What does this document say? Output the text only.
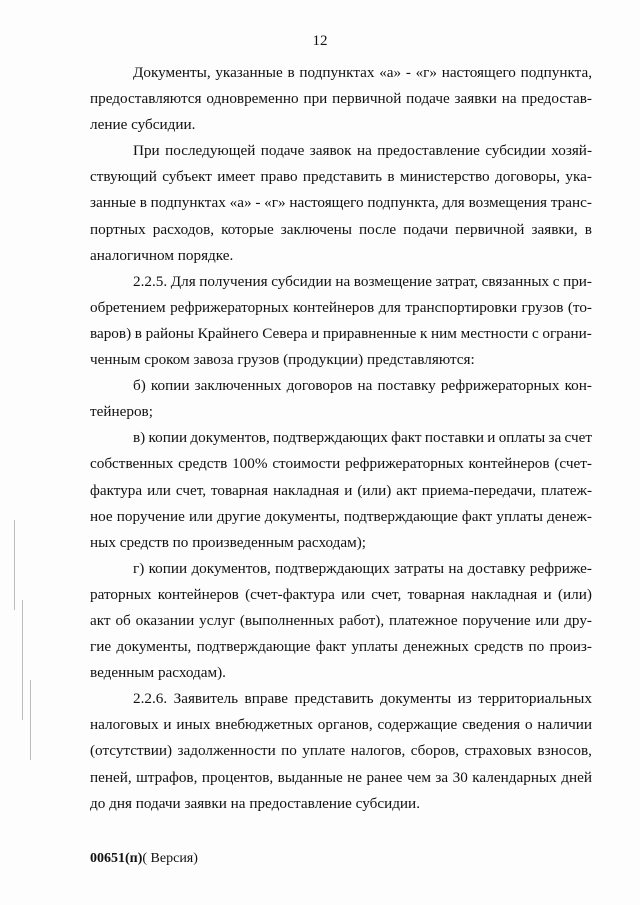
12
Документы, указанные в подпунктах «а» - «г» настоящего подпункта,
предоставляются одновременно при первичной подаче заявки на предостав-
ление субсидии.
При последующей подаче заявок на предоставление субсидии хозяй-
ствующий субъект имеет право представить в министерство договоры, ука-
занные в подпунктах «а» - «г» настоящего подпункта, для возмещения транс-
портных расходов, которые заключены после подачи первичной заявки, в
аналогичном порядке.
2.2.5. Для получения субсидии на возмещение затрат, связанных с при-
обретением рефрижераторных контейнеров для транспортировки грузов (то-
варов) в районы Крайнего Севера и приравненные к ним местности с ограни-
ченным сроком завоза грузов (продукции) представляются:
б) копии заключенных договоров на поставку рефрижераторных кон-
тейнеров;
в) копии документов, подтверждающих факт поставки и оплаты за счет
собственных средств 100% стоимости рефрижераторных контейнеров (счет-
фактура или счет, товарная накладная и (или) акт приема-передачи, платеж-
ное поручение или другие документы, подтверждающие факт уплаты денеж-
ных средств по произведенным расходам);
г) копии документов, подтверждающих затраты на доставку рефриже-
раторных контейнеров (счет-фактура или счет, товарная накладная и (или)
акт об оказании услуг (выполненных работ), платежное поручение или дру-
гие документы, подтверждающие факт уплаты денежных средств по произ-
веденным расходам).
2.2.6. Заявитель вправе представить документы из территориальных
налоговых и иных внебюджетных органов, содержащие сведения о наличии
(отсутствии) задолженности по уплате налогов, сборов, страховых взносов,
пеней, штрафов, процентов, выданные не ранее чем за 30 календарных дней
до дня подачи заявки на предоставление субсидии.
00651(п)( Версия)
